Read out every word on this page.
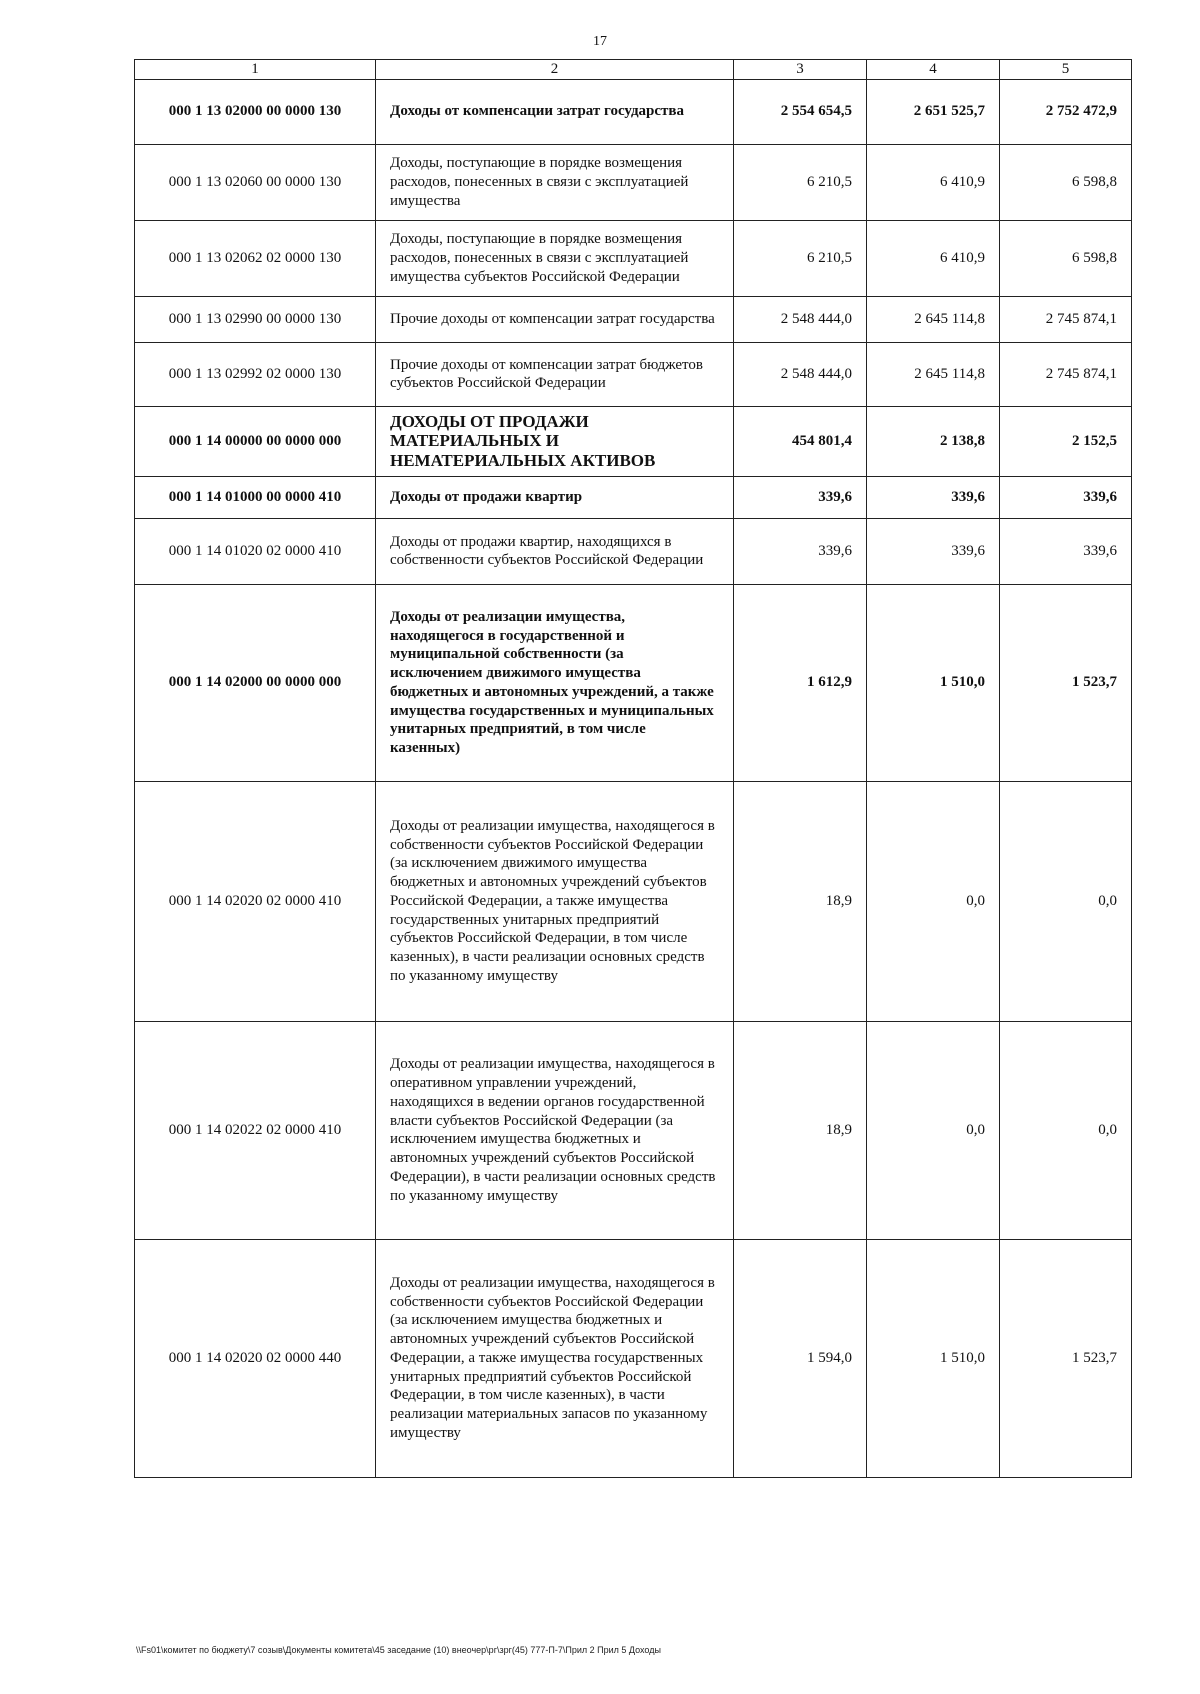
17
1	2	3	4	5
000 1 13 02000 00 0000 130	Доходы от компенсации затрат государства	2 554 654,5	2 651 525,7	2 752 472,9
000 1 13 02060 00 0000 130	Доходы, поступающие в порядке возмещения расходов, понесенных в связи с эксплуатацией имущества	6 210,5	6 410,9	6 598,8
000 1 13 02062 02 0000 130	Доходы, поступающие в порядке возмещения расходов, понесенных в связи с эксплуатацией имущества субъектов Российской Федерации	6 210,5	6 410,9	6 598,8
000 1 13 02990 00 0000 130	Прочие доходы от компенсации затрат государства	2 548 444,0	2 645 114,8	2 745 874,1
000 1 13 02992 02 0000 130	Прочие доходы от компенсации затрат бюджетов субъектов Российской Федерации	2 548 444,0	2 645 114,8	2 745 874,1
000 1 14 00000 00 0000 000	ДОХОДЫ ОТ ПРОДАЖИ МАТЕРИАЛЬНЫХ И НЕМАТЕРИАЛЬНЫХ АКТИВОВ	454 801,4	2 138,8	2 152,5
000 1 14 01000 00 0000 410	Доходы от продажи квартир	339,6	339,6	339,6
000 1 14 01020 02 0000 410	Доходы от продажи квартир, находящихся в собственности субъектов Российской Федерации	339,6	339,6	339,6
000 1 14 02000 00 0000 000	Доходы от реализации имущества, находящегося в государственной и муниципальной собственности (за исключением движимого имущества бюджетных и автономных учреждений, а также имущества государственных и муниципальных унитарных предприятий, в том числе казенных)	1 612,9	1 510,0	1 523,7
000 1 14 02020 02 0000 410	Доходы от реализации имущества, находящегося в собственности субъектов Российской Федерации (за исключением движимого имущества бюджетных и автономных учреждений субъектов Российской Федерации, а также имущества государственных унитарных предприятий субъектов Российской Федерации, в том числе казенных), в части реализации основных средств по указанному имуществу	18,9	0,0	0,0
000 1 14 02022 02 0000 410	Доходы от реализации имущества, находящегося в оперативном управлении учреждений, находящихся в ведении органов государственной власти субъектов Российской Федерации (за исключением имущества бюджетных и автономных учреждений субъектов Российской Федерации), в части реализации основных средств по указанному имуществу	18,9	0,0	0,0
000 1 14 02020 02 0000 440	Доходы от реализации имущества, находящегося в собственности субъектов Российской Федерации (за исключением имущества бюджетных и автономных учреждений субъектов Российской Федерации, а также имущества государственных унитарных предприятий субъектов Российской Федерации, в том числе казенных), в части реализации материальных запасов по указанному имуществу	1 594,0	1 510,0	1 523,7
\\Fs01\комитет по бюджету\7 созыв\Документы комитета\45 заседание (10) внеочер\рг\зрг(45) 777-П-7\Прил 2 Прил 5 Доходы
